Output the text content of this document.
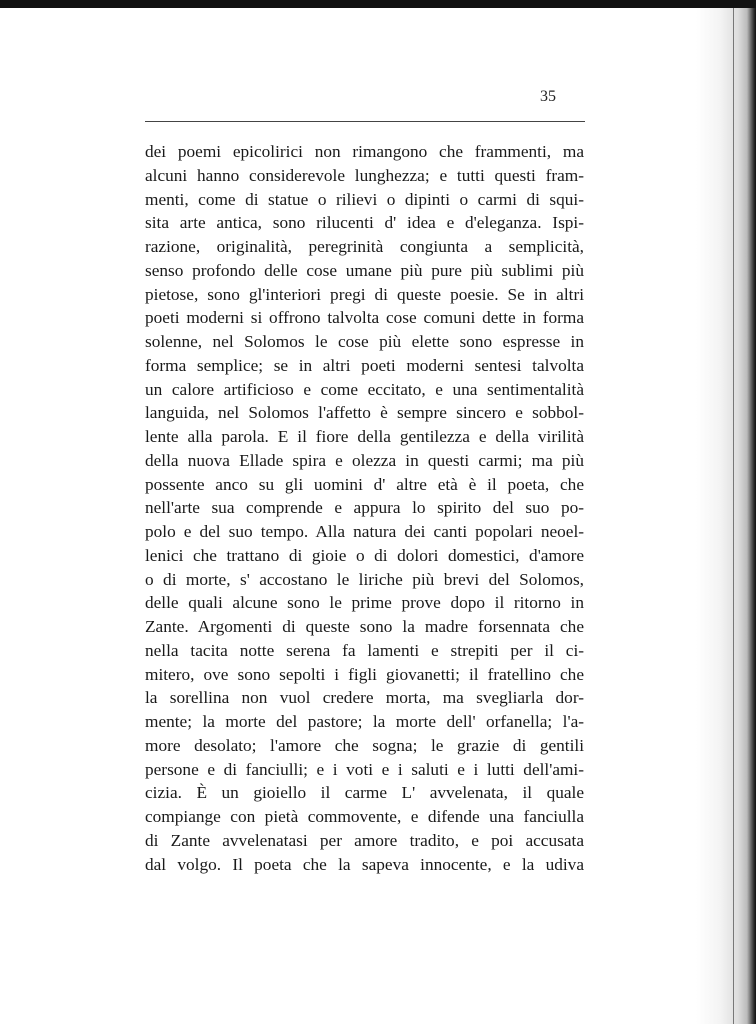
35
dei poemi epicolirici non rimangono che frammenti, ma
alcuni hanno considerevole lunghezza; e tutti questi fram-
menti, come di statue o rilievi o dipinti o carmi di squi-
sita arte antica, sono rilucenti d' idea e d'eleganza. Ispi-
razione, originalità, peregrinità congiunta a semplicità,
senso profondo delle cose umane più pure più sublimi più
pietose, sono gl'interiori pregi di queste poesie. Se in altri
poeti moderni si offrono talvolta cose comuni dette in forma
solenne, nel Solomos le cose più elette sono espresse in
forma semplice; se in altri poeti moderni sentesi talvolta
un calore artificioso e come eccitato, e una sentimentalità
languida, nel Solomos l'affetto è sempre sincero e sobbol-
lente alla parola. E il fiore della gentilezza e della virilità
della nuova Ellade spira e olezza in questi carmi; ma più
possente anco su gli uomini d' altre età è il poeta, che
nell'arte sua comprende e appura lo spirito del suo po-
polo e del suo tempo. Alla natura dei canti popolari neoel-
lenici che trattano di gioie o di dolori domestici, d'amore
o di morte, s' accostano le liriche più brevi del Solomos,
delle quali alcune sono le prime prove dopo il ritorno in
Zante. Argomenti di queste sono la madre forsennata che
nella tacita notte serena fa lamenti e strepiti per il ci-
mitero, ove sono sepolti i figli giovanetti; il fratellino che
la sorellina non vuol credere morta, ma svegliarla dor-
mente; la morte del pastore; la morte dell' orfanella; l'a-
more desolato; l'amore che sogna; le grazie di gentili
persone e di fanciulli; e i voti e i saluti e i lutti dell'ami-
cizia. È un gioiello il carme L' avvelenata, il quale
compiange con pietà commovente, e difende una fanciulla
di Zante avvelenatasi per amore tradito, e poi accusata
dal volgo. Il poeta che la sapeva innocente, e la udiva
